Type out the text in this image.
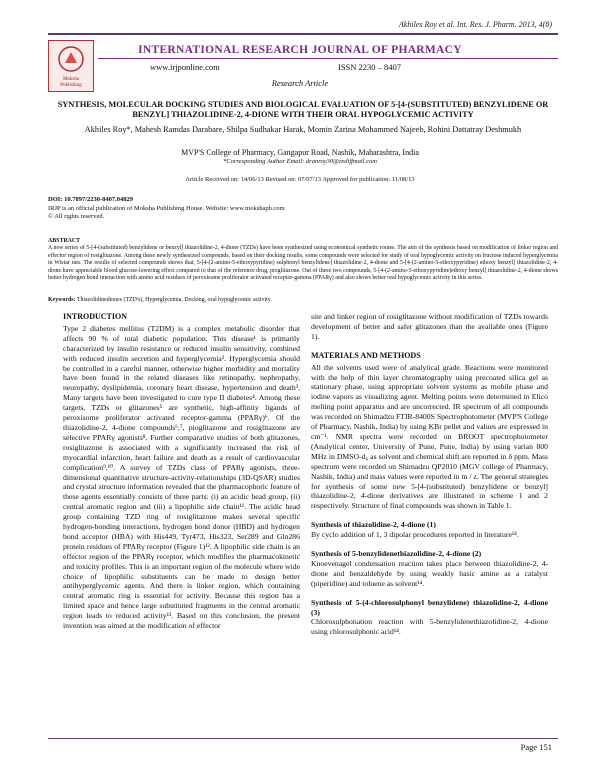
Akhiles Roy et al. Int. Res. J. Pharm. 2013, 4(8)
Moksha
Publishing
INTERNATIONAL RESEARCH JOURNAL OF PHARMACY
www.irjponline.com	ISSN 2230 – 8407
Research Article
SYNTHESIS, MOLECULAR DOCKING STUDIES AND BIOLOGICAL EVALUATION OF 5-[4-(SUBSTITUTED) BENZYLIDENE OR BENZYL] THIAZOLIDINE-2, 4-DIONE WITH THEIR ORAL HYPOGLYCEMIC ACTIVITY
Akhiles Roy*, Mahesh Ramdas Darabare, Shilpa Sudhakar Harak, Momin Zarina Mohammed Najeeb, Rohini Dattatray Deshmukh
MVP'S College of Pharmacy, Gangapur Road, Nashik, Maharashtra, India
*Corresponding Author Email: dranroy30@rediffmail.com
Article Received on: 14/06/13 Revised on: 07/07/13 Approved for publication: 11/08/13
DOI: 10.7897/2230-8407.04829
IRJP is an official publication of Moksha Publishing House. Website: www.mokshaph.com
© All rights reserved.
ABSTRACT
A new series of 5-[4-(substituted) benzylidene or benzyl] thiazolidine-2, 4-dione (TZDs) have been synthesized using economical synthetic routes. The aim of the synthesis based on modification of linker region and effector region of rosiglitazone. Among these newly synthesized compounds, based on their docking results, some compounds were selected for study of oral hypoglycemic activity on fructose induced hyperglycemia in Wistar rats. The results of selected compounds shows that, 5-[4-(2-amino-5-ethoxypyridine) sulphonyl benzylidene] thiazolidine-2, 4-dione and 5-[4-(2-amino-5-ethoxypyridine) ethoxy benzyl] thiazolidine-2, 4-dione have appreciable blood glucose-lowering effect compared to that of the reference drug, pioglitazone. Out of these two compounds, 5-[4-(2-amino-5-ethoxypyridine)ethoxy benzyl] thiazolidine-2, 4-dione shows better hydrogen bond interaction with amino acid residues of peroxisome proliferator activated receptor-gamma (PPARγ) and also shows better oral hypoglycemic activity in this series.
Keywords: Thiazolidinediones (TZD's), Hyperglycemia, Docking, oral hypoglycemic activity.
INTRODUCTION

Type 2 diabetes mellitus (T2DM) is a complex metabolic disorder that affects 90 % of total diabetic population. This disease¹ is primarily characterized by insulin resistance or reduced insulin sensitivity, combined with reduced insulin secretion and hyperglycemia². Hyperglycemia should be controlled in a careful manner, otherwise higher morbidity and mortality have been found in the related diseases like retinopathy, nephropathy, neuropathy, dyslipidemia, coronary heart disease, hypertension and death³. Many targets have been investigated to cure type II diabetes⁴. Among these targets, TZDs or glitazones⁵ are synthetic, high-affinity ligands of peroxisome proliferator activated receptor-gamma (PPARγ)⁶. Of the thiazolidine-2, 4-dione compounds⁶,⁷, pioglitazone and rosiglitazone are selective PPARγ agonists⁸. Further comparative studies of both glitazones, rosiglitazone is associated with a significantly increased the risk of myocardial infarction, heart failure and death as a result of cardiovascular complication⁹,¹⁰. A survey of TZDs class of PPARγ agonists, three-dimensional quantitative structure-activity-relationships (3D-QSAR) studies and crystal structure information revealed that the pharmacophoric feature of these agents essentially consists of three parts: (i) an acidic head group, (ii) central aromatic region and (iii) a lipophilic side chain¹¹. The acidic head group containing TZD ring of rosiglitazone makes several specific hydrogen-bonding interactions, hydrogen bond donor (HBD) and hydrogen bond acceptor (HBA) with His449, Tyr473, His323, Ser289 and Gln286 protein residues of PPARγ receptor (Figure 1)¹². A lipophilic side chain is an effector region of the PPARγ receptor, which modifies the pharmacokinetic and toxicity profiles. This is an important region of the molecule where wide choice of lipophilic substituents can be made to design better antihyperglycemic agents. And there is linker region, which containing central aromatic ring is essential for activity. Because this region has a limited space and hence large substituted fragments in the central aromatic region leads to reduced activity¹³. Based on this conclusion, the present invention was aimed at the modification of effector

site and linker region of rosiglitazone without modification of TZDs towards development of better and safer glitazones than the available ones (Figure 1).

MATERIALS AND METHODS

All the solvents used were of analytical grade. Reactions were monitored with the help of thin layer chromatography using precoated silica gel as stationary phase, using appropriate solvent systems as mobile phase and iodine vapors as visualizing agent. Melting points were determined in Elico melting point apparatus and are uncorrected. IR spectrum of all compounds was recorded on Shimadzu FTIR-8400S Spectrophotometer (MVP'S College of Pharmacy, Nashik, India) by using KBr pellet and values are expressed in cm⁻¹. NMR spectra were recorded on BROOT spectrophotometer (Analytical center, University of Pune, Pune, India) by using varian 800 MHz in DMSO-d₆ as solvent and chemical shift are reported in δ ppm. Mass spectrum were recorded on Shimadzu QP2010 (MGV college of Pharmacy, Nashik, India) and mass values were reported in m / z. The general strategies for synthesis of some new 5-[4-(substituted) benzylidene or benzyl] thiazolidine-2, 4-dione derivatives are illustrated in scheme 1 and 2 respectively. Structure of final compounds was shown in Table 1.

Synthesis of thiazolidine-2, 4-dione (1)

By cyclo addition of 1, 3 dipolar procedures reported in literature¹⁴.

Synthesis of 5-benzylidenethiazolidine-2, 4-dione (2)

Knoevenagel condensation reaction takes place between thiazolidine-2, 4-dione and benzaldehyde by using weakly basic amine as a catalyst (piperidine) and toluene as solvent¹⁴.

Synthesis of 5-(4-chlorosulphonyl benzylidene) thiazolidine-2, 4-dione (3)

Chlorosulphonation reaction with 5-benzylidenethiazolidine-2, 4-dione using chlorosulphonic acid¹⁴.

Page 151
